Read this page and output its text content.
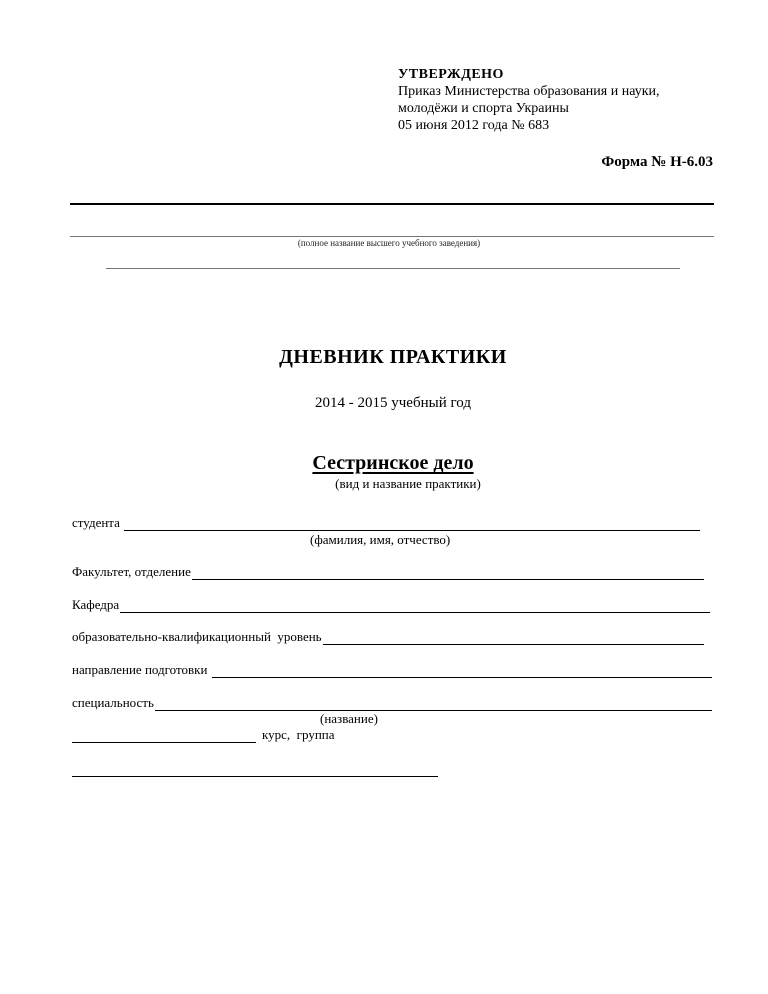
УТВЕРЖДЕНО
Приказ Министерства образования и науки,
молодёжи и спорта Украины
05 июня 2012 года № 683
Форма № Н-6.03
(полное название высшего учебного заведения)
ДНЕВНИК ПРАКТИКИ
2014 - 2015 учебный год
Сестринское дело
(вид и название практики)
студента
(фамилия, имя, отчество)
Факультет, отделение
Кафедра
образовательно-квалификационный  уровень
направление подготовки
специальность
(название)
курс,  группа
